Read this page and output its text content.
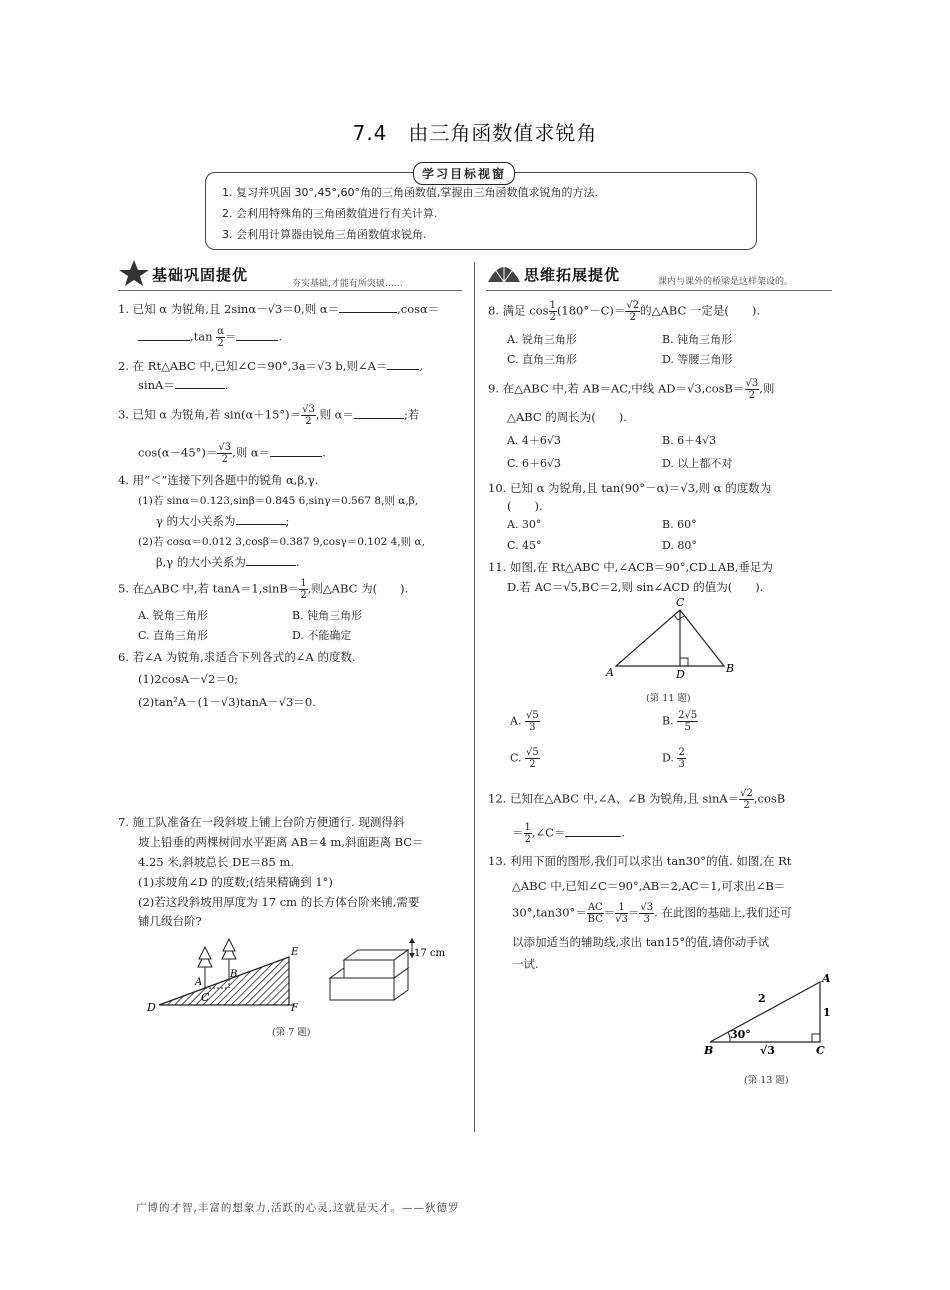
7.4　由三角函数值求锐角
学习目标视窗
1. 复习并巩固 30°,45°,60°角的三角函数值,掌握由三角函数值求锐角的方法.
2. 会利用特殊角的三角函数值进行有关计算.
3. 会利用计算器由锐角三角函数值求锐角.
基础巩固提优	夯实基础,才能有所突破……	思维拓展提优	课内与课外的桥梁是这样架设的。
1. 已知 α 为锐角,且 2sinα－√3＝0,则 α＝	,cosα＝
$,\tan \frac{\alpha}{2}$ ＝	.
2. 在 Rt△ABC 中,已知∠C＝90°,3a＝√3 b,则∠A＝	,
sinA＝	.
3. 已知 α 为锐角,若 $\sin(\alpha+15^\circ)= \frac{√3}{2}$ ,则 α＝	;若
$\cos(\alpha-45^\circ)= \frac{√3}{2}$ ,则 α＝	.
4. 用“＜”连接下列各题中的锐角 α,β,γ.
(1)若 sinα＝0.123,sinβ＝0.845 6,sinγ＝0.567 8,则 α,β,
γ 的大小关系为	;
(2)若 cosα＝0.012 3,cosβ＝0.387 9,cosγ＝0.102 4,则 α,
β,γ 的大小关系为	.
5. 在△ABC 中,若 $\tan A=1,\sin B= \frac{1}{2}$ ,则△ABC 为(　　).
A. 锐角三角形	B. 钝角三角形
C. 直角三角形	D. 不能确定
6. 若∠A 为锐角,求适合下列各式的∠A 的度数.
(1)2cosA－√2＝0;
(2)tan²A－(1－√3)tanA－√3＝0.
7. 施工队准备在一段斜坡上铺上台阶方便通行. 现测得斜
坡上铅垂的两棵树间水平距离 AB＝4 m,斜面距离 BC＝
4.25 米,斜坡总长 DE＝85 m.
(1)求坡角∠D 的度数;(结果精确到 1°)
(2)若这段斜坡用厚度为 17 cm 的长方体台阶来铺,需要
铺几级台阶?
D
C
A
B
E
F
17 cm
(第 7 题)
8. 满足 $\cos \frac{1}{2} (180^\circ-C)= \frac{√2}{2}$ 的△ABC 一定是(　　).
A. 锐角三角形	B. 钝角三角形
C. 直角三角形	D. 等腰三角形
9. 在△ABC 中,若 AB＝AC,中线 $AD=√3,\cos B= \frac{√3}{2}$ ,则
△ABC 的周长为(　　).
A. 4＋6√3	B. 6＋4√3
C. 6＋6√3	D. 以上都不对
10. 已知 α 为锐角,且 tan(90°－α)＝√3,则 α 的度数为
(　　).
A. 30°	B. 60°
C. 45°	D. 80°
11. 如图,在 Rt△ABC 中,∠ACB＝90°,CD⊥AB,垂足为
D.若 AC＝√5,BC＝2,则 sin∠ACD 的值为(　　).
C
A	D	B
(第 11 题)
A. $\frac{√5}{3}$	B. $\frac{2√5}{5}$
C. $\frac{√5}{2}$	D. $\frac{2}{3}$
12. 已知在△ABC 中,∠A、∠B 为锐角,且 $\sin A= \frac{√2}{2} ,\cos B$
＝ $\frac{1}{2}$ ,∠C＝	.
13. 利用下面的图形,我们可以求出 tan30°的值. 如图,在 Rt
△ABC 中,已知∠C＝90°,AB＝2,AC＝1,可求出∠B＝
$30^\circ,\tan 30^\circ= \frac{AC}{BC} = \frac{1}{√3} = \frac{√3}{3}$ . 在此图的基础上,我们还可
以添加适当的辅助线,求出 tan15°的值,请你动手试
一试.
30°
2
1
√3
B	C
A
(第 13 题)
广博的才智,丰富的想象力,活跃的心灵,这就是天才。——狄德罗
